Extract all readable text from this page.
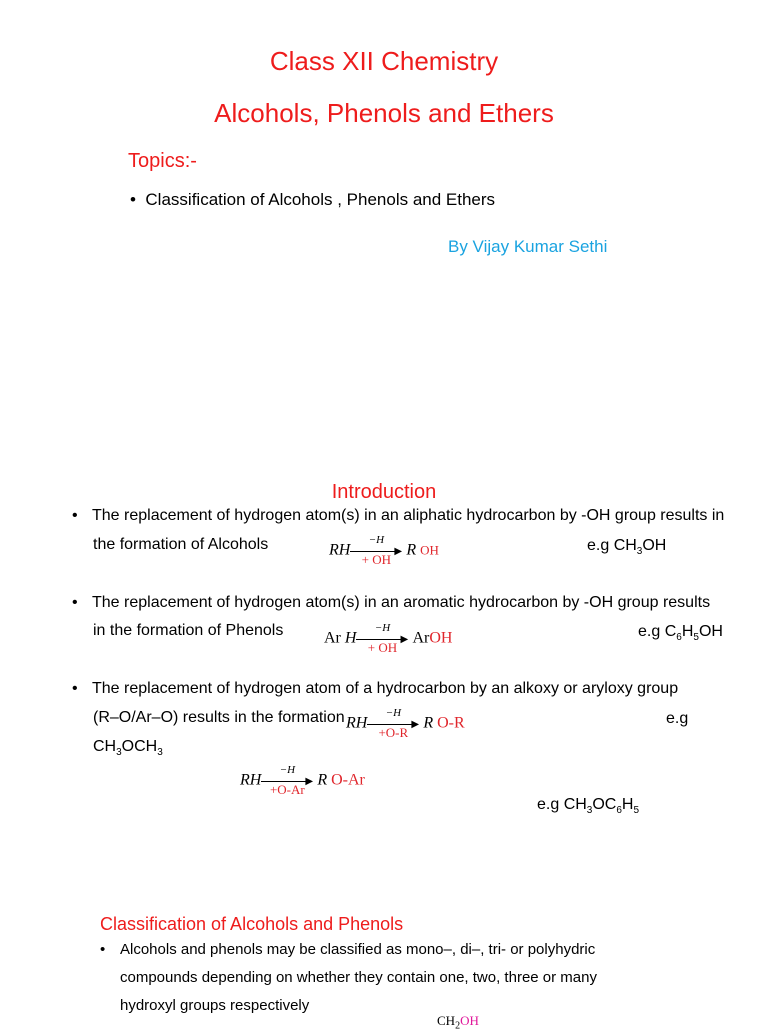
Class XII Chemistry
Alcohols, Phenols and Ethers
Topics:-
•  Classification of Alcohols , Phenols and Ethers
By Vijay Kumar Sethi
Introduction
• The replacement of hydrogen atom(s) in an aliphatic hydrocarbon by -OH group results in
the formation of Alcohols	RH
−H
▶
+ OH
R OH	e.g $CH_3OH$
• The replacement of hydrogen atom(s) in an aromatic hydrocarbon by -OH group results
in the formation of Phenols	Ar H
−H
▶
+ OH
ArOH	e.g $C_6H_5OH$
• The replacement of hydrogen atom of a hydrocarbon by an alkoxy or aryloxy group
(R–O/Ar–O) results in the formation RH
−H
▶
+O-R
R O-R	e.g
$CH_3OCH_3$
RH
−H
▶
+O-Ar
R O-Ar
e.g $CH_3OC_6H_5$
Classification of Alcohols and Phenols
• Alcohols and phenols may be classified as mono–, di–, tri- or polyhydric
compounds depending on whether they contain one, two, three or many
hydroxyl groups respectively
$CH_2OH$
